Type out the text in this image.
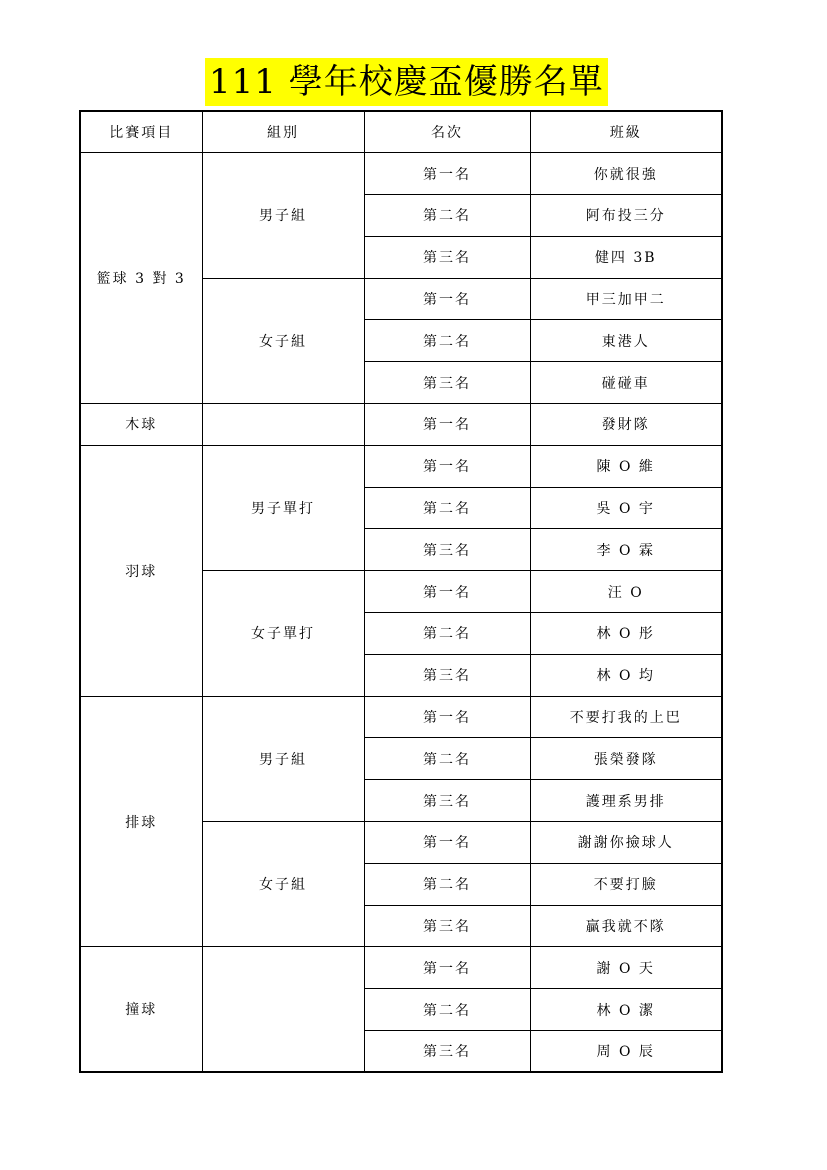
111 學年校慶盃優勝名單
比賽項目	組別	名次	班級
籃球 3 對 3	男子組	第一名	你就很強
		第二名	阿布投三分
		第三名	健四 3B
	女子組	第一名	甲三加甲二
		第二名	東港人
		第三名	碰碰車
木球		第一名	發財隊
羽球	男子單打	第一名	陳 O 維
		第二名	吳 O 宇
		第三名	李 O 霖
	女子單打	第一名	汪 O
		第二名	林 O 彤
		第三名	林 O 均
排球	男子組	第一名	不要打我的上巴
		第二名	張榮發隊
		第三名	護理系男排
	女子組	第一名	謝謝你撿球人
		第二名	不要打臉
		第三名	贏我就不隊
撞球		第一名	謝 O 天
		第二名	林 O 潔
		第三名	周 O 辰
